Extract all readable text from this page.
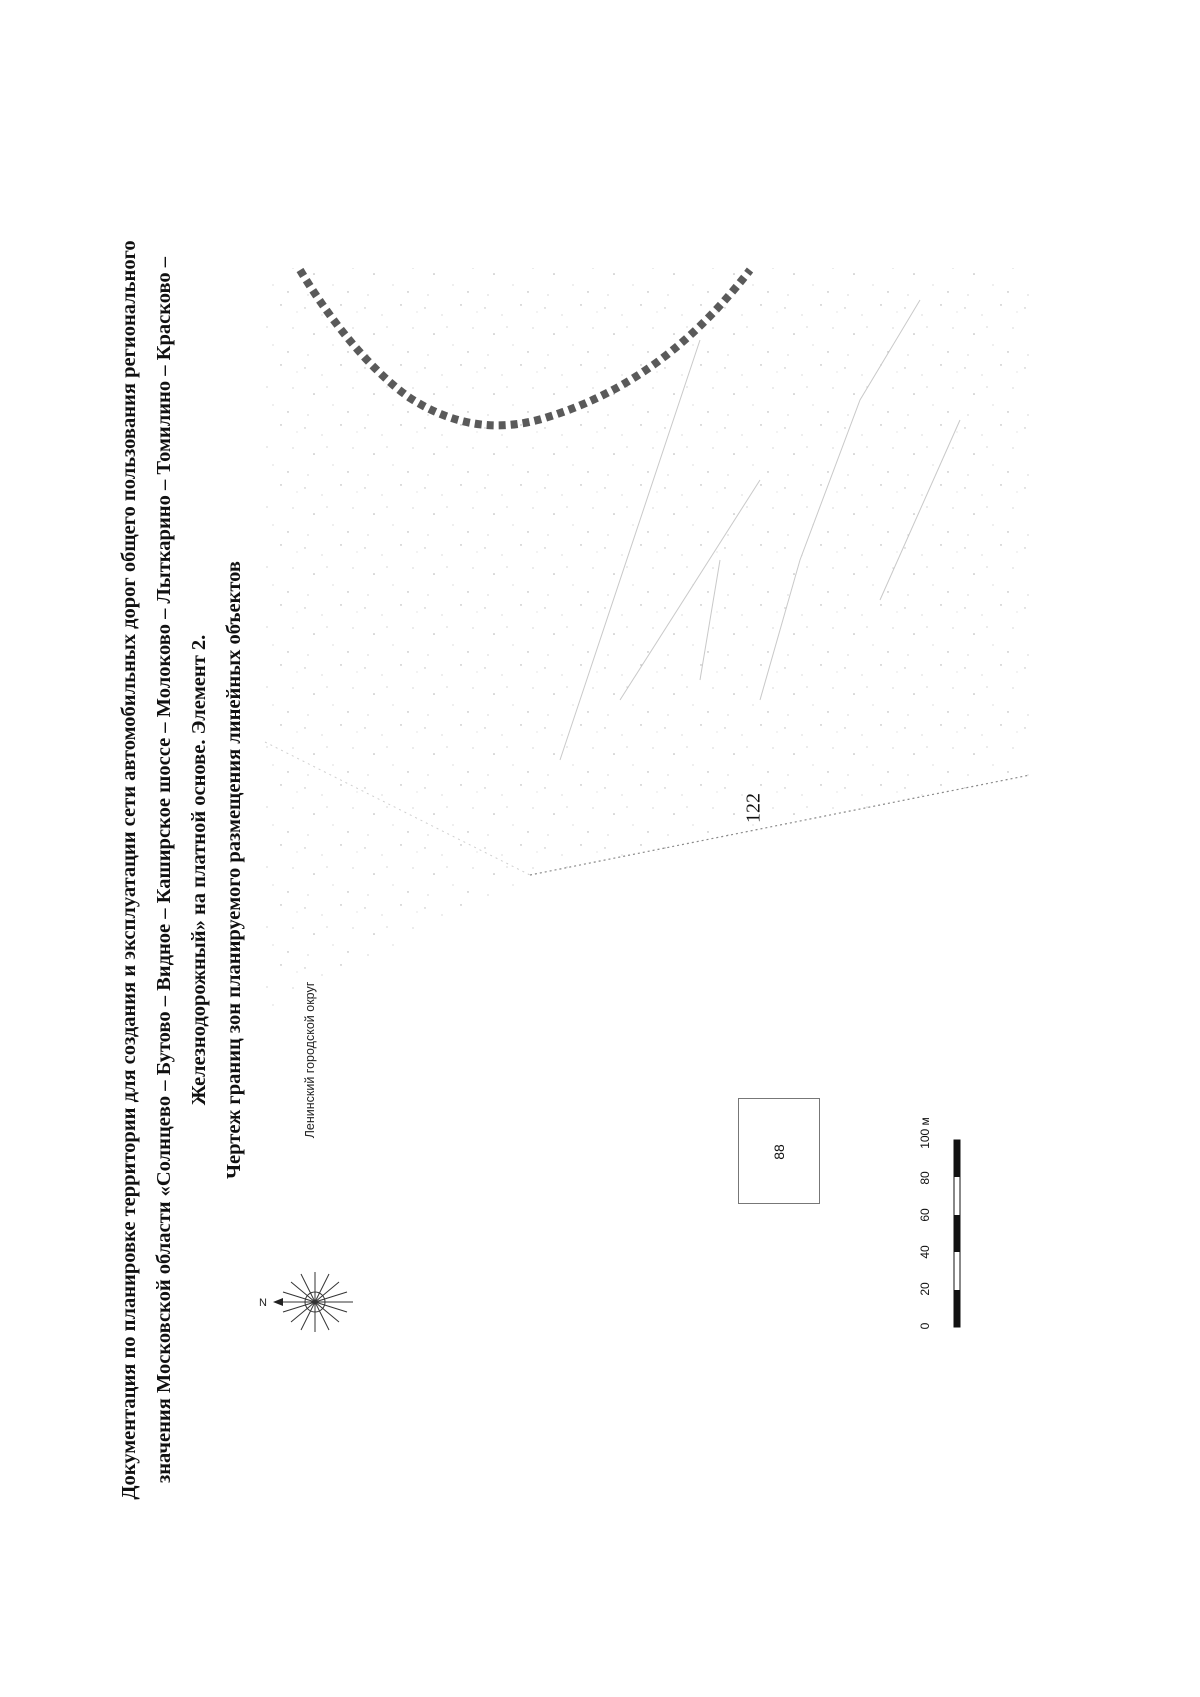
Документация по планировке территории для создания и эксплуатации сети автомобильных дорог общего пользования регионального значения Московской области «Солнцево – Бутово – Видное – Каширское шоссе – Молоково – Лыткарино – Томилино – Красково – Железнодорожный» на платной основе. Элемент 2. Чертеж границ зон планируемого размещения линейных объектов
N
Ленинский городской округ
88
0
20
40
60
80
100 м
